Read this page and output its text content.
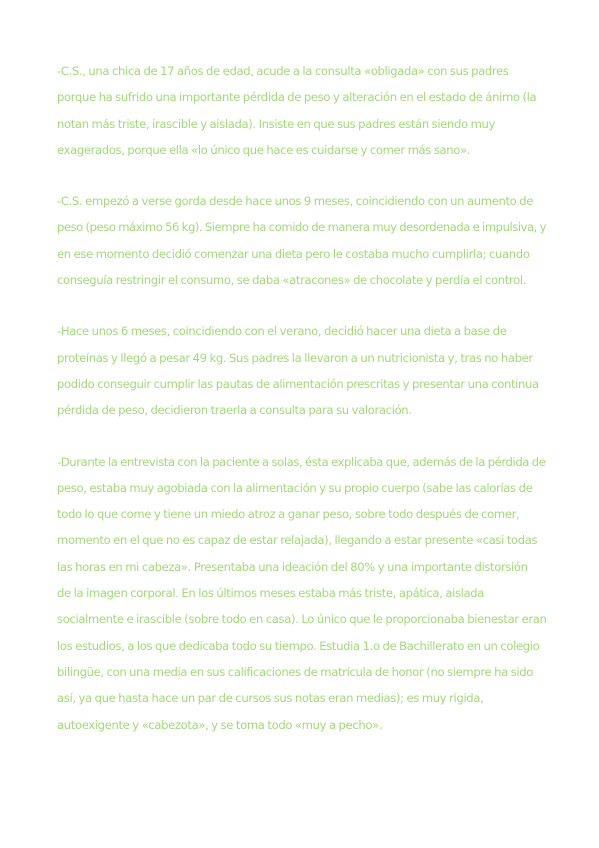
-C.S., una chica de 17 años de edad, acude a la consulta «obligada» con sus padres
porque ha sufrido una importante pérdida de peso y alteración en el estado de ánimo (la
notan más triste, irascible y aislada). Insiste en que sus padres están siendo muy
exagerados, porque ella «lo único que hace es cuidarse y comer más sano».

-C.S. empezó a verse gorda desde hace unos 9 meses, coincidiendo con un aumento de
peso (peso máximo 56 kg). Siempre ha comido de manera muy desordenada e impulsiva, y
en ese momento decidió comenzar una dieta pero le costaba mucho cumplirla; cuando
conseguía restringir el consumo, se daba «atracones» de chocolate y perdía el control.

-Hace unos 6 meses, coincidiendo con el verano, decidió hacer una dieta a base de
proteínas y llegó a pesar 49 kg. Sus padres la llevaron a un nutricionista y, tras no haber
podido conseguir cumplir las pautas de alimentación prescritas y presentar una continua
pérdida de peso, decidieron traerla a consulta para su valoración.

-Durante la entrevista con la paciente a solas, ésta explicaba que, además de la pérdida de
peso, estaba muy agobiada con la alimentación y su propio cuerpo (sabe las calorías de
todo lo que come y tiene un miedo atroz a ganar peso, sobre todo después de comer,
momento en el que no es capaz de estar relajada), llegando a estar presente «casi todas
las horas en mi cabeza». Presentaba una ideación del 80% y una importante distorsión
de la imagen corporal. En los últimos meses estaba más triste, apática, aislada
socialmente e irascible (sobre todo en casa). Lo único que le proporcionaba bienestar eran
los estudios, a los que dedicaba todo su tiempo. Estudia 1.o de Bachillerato en un colegio
bilingüe, con una media en sus calificaciones de matrícula de honor (no siempre ha sido
así, ya que hasta hace un par de cursos sus notas eran medias); es muy rígida,
autoexigente y «cabezota», y se toma todo «muy a pecho».
